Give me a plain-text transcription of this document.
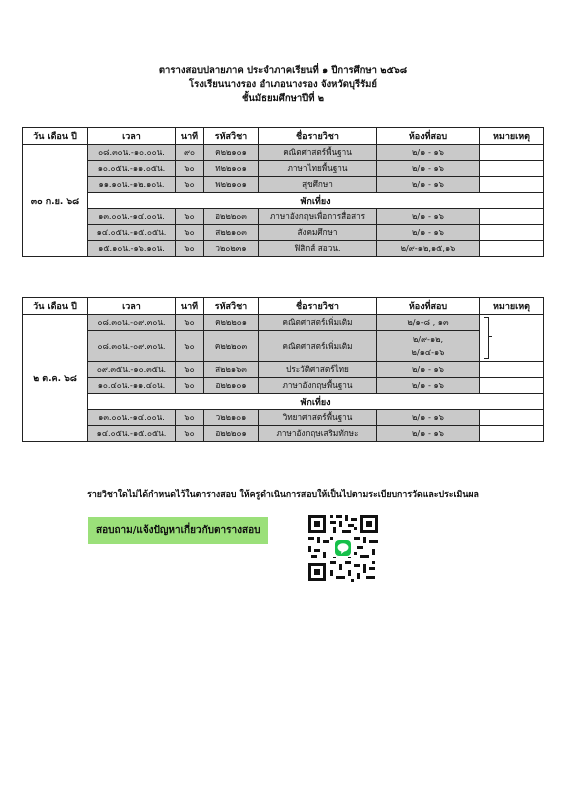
ตารางสอบปลายภาค ประจำภาคเรียนที่ ๑ ปีการศึกษา ๒๕๖๘
โรงเรียนนางรอง อำเภอนางรอง จังหวัดบุรีรัมย์
ชั้นมัธยมศึกษาปีที่ ๒
วัน เดือน ปี	เวลา	นาที	รหัสวิชา	ชื่อรายวิชา	ห้องที่สอบ	หมายเหตุ
๓๐ ก.ย. ๖๘	๐๘.๓๐น.-๑๐.๐๐น.	๙๐	ค๒๒๑๐๑	คณิตศาสตร์พื้นฐาน	๒/๑ - ๑๖	
	๑๐.๐๕น.-๑๑.๐๕น.	๖๐	ท๒๒๑๐๑	ภาษาไทยพื้นฐาน	๒/๑ - ๑๖	
	๑๑.๑๐น.-๑๒.๑๐น.	๖๐	พ๒๒๑๐๑	สุขศึกษา	๒/๑ - ๑๖	
	พักเที่ยง					
	๑๓.๐๐น.-๑๔.๐๐น.	๖๐	อ๒๒๒๐๓	ภาษาอังกฤษเพื่อการสื่อสาร	๒/๑ - ๑๖	
	๑๔.๐๕น.-๑๕.๐๕น.	๖๐	ส๒๒๑๐๓	สังคมศึกษา	๒/๑ - ๑๖	
	๑๕.๑๐น.-๑๖.๑๐น.	๖๐	ว๒๐๒๓๑	ฟิสิกส์ สอวน.	๒/๙-๑๒,๑๕,๑๖	
วัน เดือน ปี	เวลา	นาที	รหัสวิชา	ชื่อรายวิชา	ห้องที่สอบ	หมายเหตุ
๒ ต.ค. ๖๘	๐๘.๓๐น.-๐๙.๓๐น.	๖๐	ค๒๒๒๐๑	คณิตศาสตร์เพิ่มเติม	๒/๑-๘ , ๑๓	

	๐๘.๓๐น.-๐๙.๓๐น.	๖๐	ค๒๒๒๐๓	คณิตศาสตร์เพิ่มเติม	๒/๙-๑๒,
๒/๑๔-๑๖	

	๐๙.๓๕น.-๑๐.๓๕น.	๖๐	ส๒๒๑๖๓	ประวัติศาสตร์ไทย	๒/๑ - ๑๖	
	๑๐.๔๐น.-๑๑.๔๐น.	๖๐	อ๒๒๑๐๑	ภาษาอังกฤษพื้นฐาน	๒/๑ - ๑๖	
	พักเที่ยง					
	๑๓.๐๐น.-๑๔.๐๐น.	๖๐	ว๒๒๑๐๑	วิทยาศาสตร์พื้นฐาน	๒/๑ - ๑๖	
	๑๔.๐๕น.-๑๕.๐๕น.	๖๐	อ๒๒๒๐๑	ภาษาอังกฤษเสริมทักษะ	๒/๑ - ๑๖	
รายวิชาใดไม่ได้กำหนดไว้ในตารางสอบ ให้ครูดำเนินการสอบให้เป็นไปตามระเบียบการวัดและประเมินผล
สอบถาม/แจ้งปัญหาเกี่ยวกับตารางสอบ
